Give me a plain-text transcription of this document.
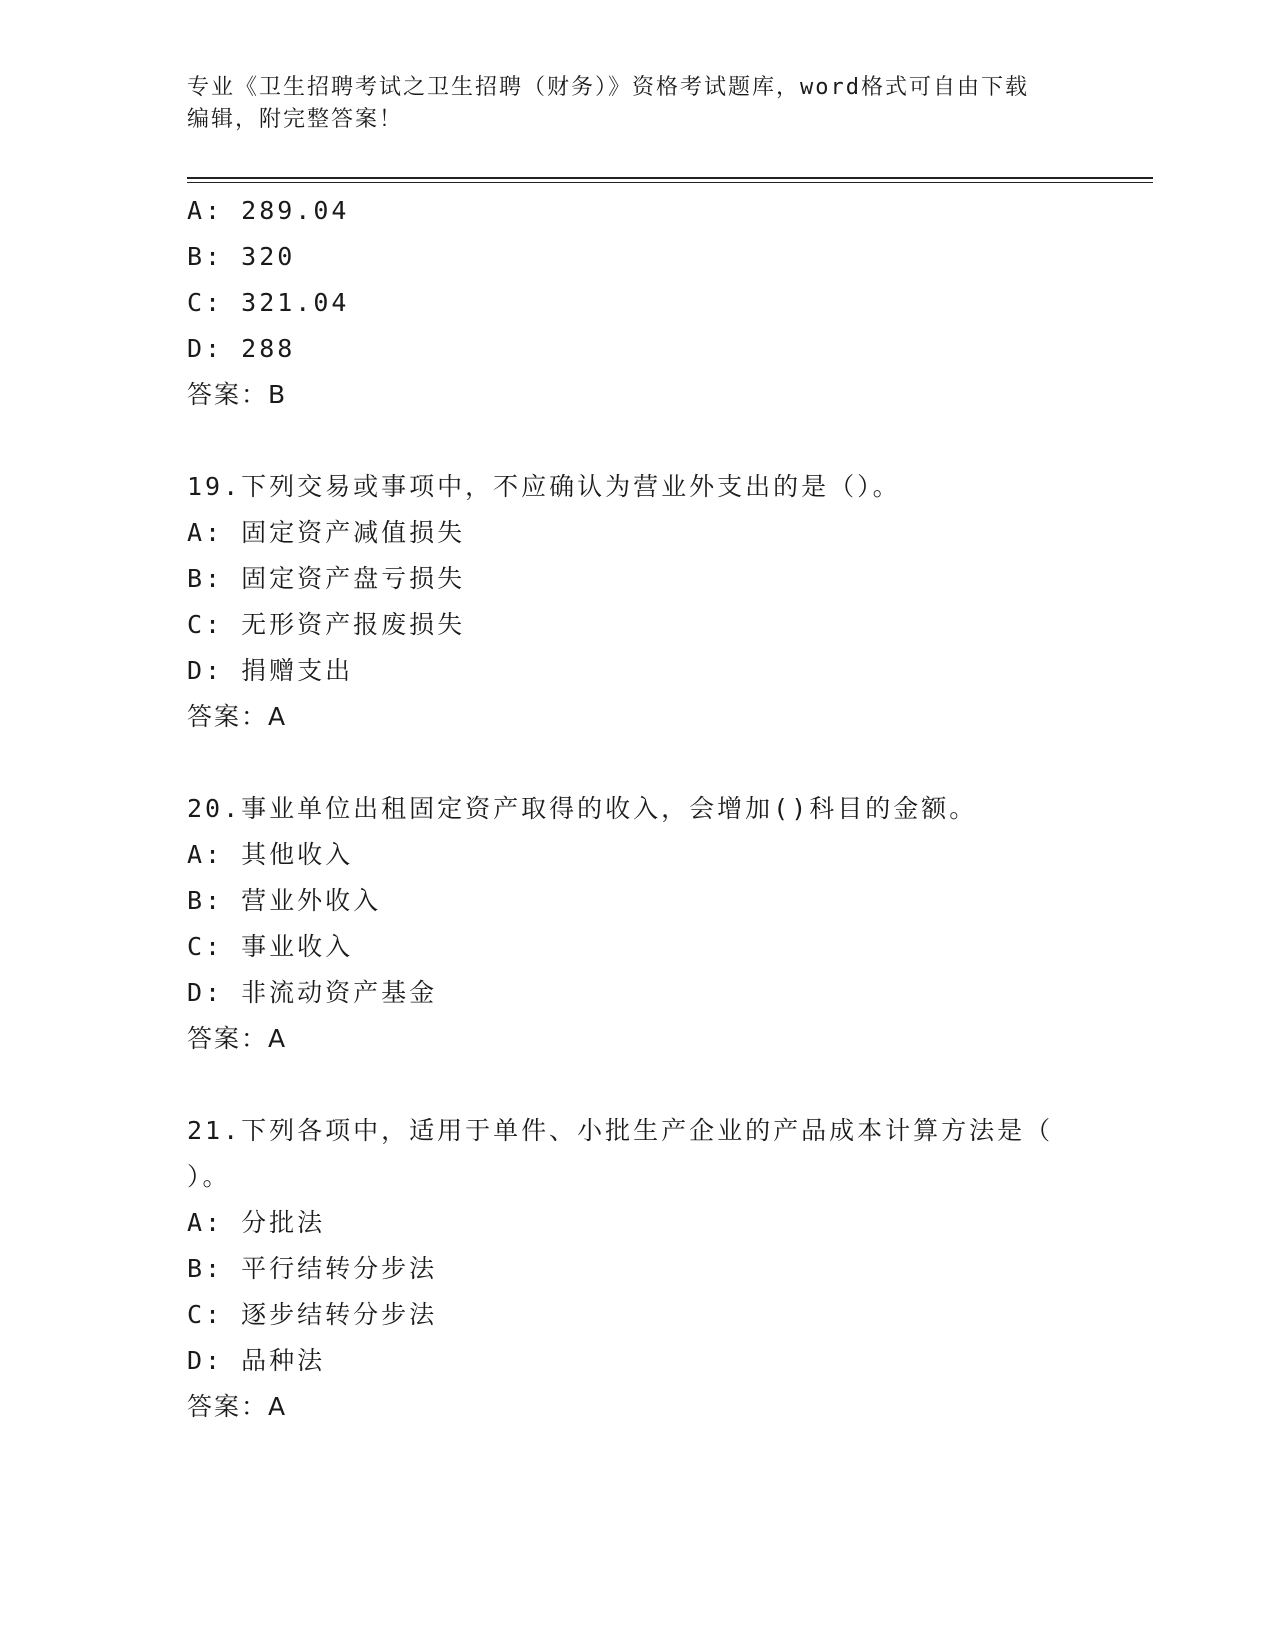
专业《卫生招聘考试之卫生招聘（财务）》资格考试题库，word格式可自由下载
编辑，附完整答案！
A: 289.04
B: 320
C: 321.04
D: 288
答案：B
19.下列交易或事项中，不应确认为营业外支出的是（）。
A: 固定资产减值损失
B: 固定资产盘亏损失
C: 无形资产报废损失
D: 捐赠支出
答案：A
20.事业单位出租固定资产取得的收入，会增加()科目的金额。
A: 其他收入
B: 营业外收入
C: 事业收入
D: 非流动资产基金
答案：A
21.下列各项中，适用于单件、小批生产企业的产品成本计算方法是（
）。
A: 分批法
B: 平行结转分步法
C: 逐步结转分步法
D: 品种法
答案：A
